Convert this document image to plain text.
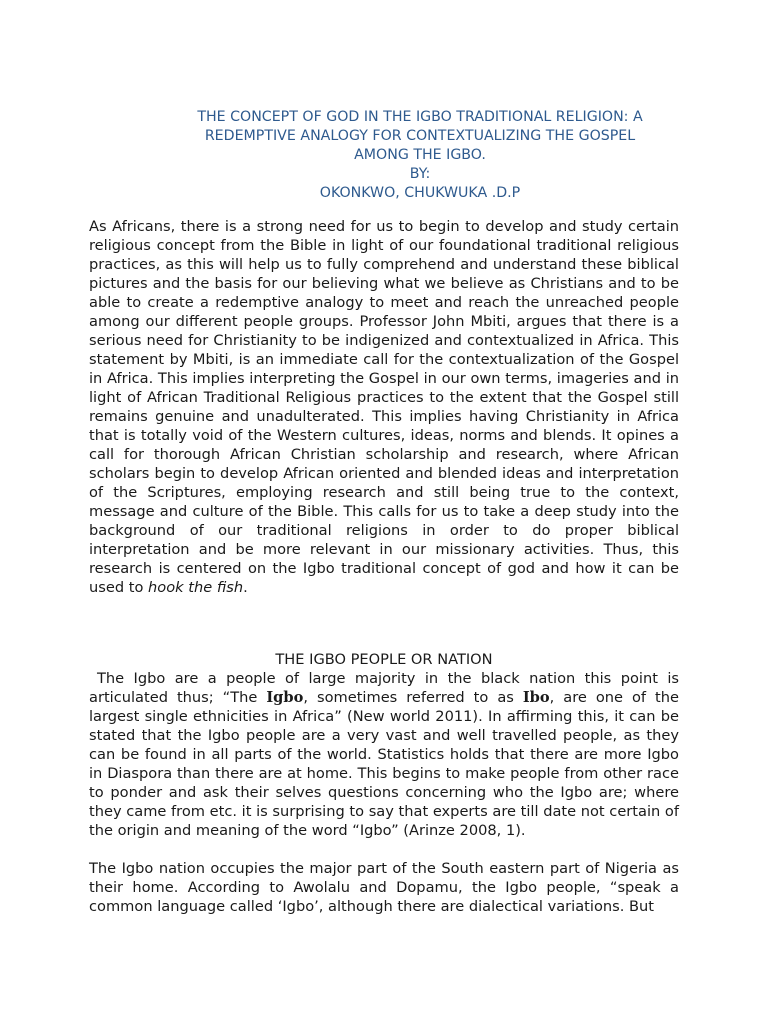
THE CONCEPT OF GOD IN THE IGBO TRADITIONAL RELIGION: A
REDEMPTIVE ANALOGY FOR CONTEXTUALIZING THE GOSPEL
AMONG THE IGBO.
BY:
OKONKWO, CHUKWUKA .D.P

As Africans, there is a strong need for us to begin to develop and study certain religious concept from the Bible in light of our foundational traditional religious practices, as this will help us to fully comprehend and understand these biblical pictures and the basis for our believing what we believe as Christians and to be able to create a redemptive analogy to meet and reach the unreached people among our different people groups. Professor John Mbiti, argues that there is a serious need for Christianity to be indigenized and contextualized in Africa. This statement by Mbiti, is an immediate call for the contextualization of the Gospel in Africa. This implies interpreting the Gospel in our own terms, imageries and in light of African Traditional Religious practices to the extent that the Gospel still remains genuine and unadulterated. This implies having Christianity in Africa that is totally void of the Western cultures, ideas, norms and blends. It opines a call for thorough African Christian scholarship and research, where African scholars begin to develop African oriented and blended ideas and interpretation of the Scriptures, employing research and still being true to the context, message and culture of the Bible. This calls for us to take a deep study into the background of our traditional religions in order to do proper biblical interpretation and be more relevant in our missionary activities. Thus, this research is centered on the Igbo traditional concept of god and how it can be used to hook the fish.

THE IGBO PEOPLE OR NATION

The Igbo are a people of large majority in the black nation this point is articulated thus; “The Igbo, sometimes referred to as Ibo, are one of the largest single ethnicities in Africa” (New world 2011). In affirming this, it can be stated that the Igbo people are a very vast and well travelled people, as they can be found in all parts of the world. Statistics holds that there are more Igbo in Diaspora than there are at home. This begins to make people from other race to ponder and ask their selves questions concerning who the Igbo are; where they came from etc. it is surprising to say that experts are till date not certain of the origin and meaning of the word “Igbo” (Arinze 2008, 1).

The Igbo nation occupies the major part of the South eastern part of Nigeria as their home. According to Awolalu and Dopamu, the Igbo people, “speak a common language called ‘Igbo’, although there are dialectical variations. But
